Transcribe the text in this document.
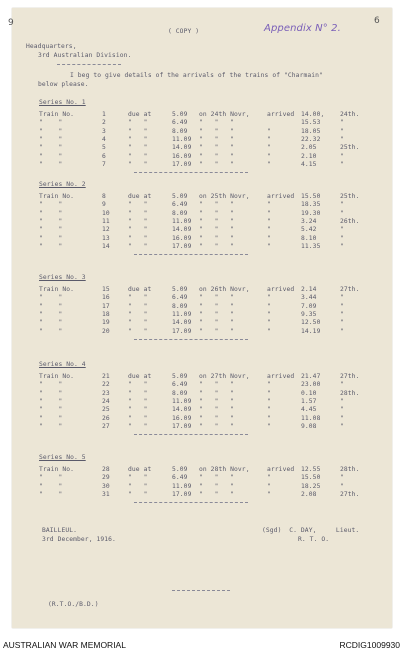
9
( COPY )	Appendix N° 2.
6
Headquarters,
3rd Australian Division.
I beg to give details of the arrivals of the trains of "Charmain"
below please.
Series No. 1
Train No.	1	due at	5.09 on 24th Novr,	arrived 14.00, 24th.
"    "	2	"   "	6.49 "   "   "	15.53	"
"    "	3	"   "	8.09 "   "   "	"	18.05	"
"    "	4	"   "	11.09 "   "   "	"	22.32	"
"    "	5	"   "	14.09 "   "   "	"	2.05	25th.
"    "	6	"   "	16.09 "   "   "	"	2.10	"
"    "	7	"   "	17.09 "   "   "	"	4.15	"
Series No. 2
Train No.	8	due at	5.09 on 25th Novr,	arrived 15.50	25th.
"    "	9	"   "	6.49 "   "   "	"	18.35	"
"    "	10	"   "	8.09 "   "   "	"	19.30	"
"    "	11	"   "	11.09 "   "   "	"	3.24	26th.
"    "	12	"   "	14.09 "   "   "	"	5.42	"
"    "	13	"   "	16.09 "   "   "	"	8.10	"
"    "	14	"   "	17.09 "   "   "	"	11.35	"
Series No. 3
Train No.	15	due at	5.09 on 26th Novr,	arrived 2.14	27th.
"    "	16	"   "	6.49 "   "   "	"	3.44	"
"    "	17	"   "	8.09 "   "   "	"	7.09	"
"    "	18	"   "	11.09 "   "   "	"	9.35	"
"    "	19	"   "	14.09 "   "   "	"	12.50	"
"    "	20	"   "	17.09 "   "   "	"	14.19	"
Series No. 4
Train No.	21	due at	5.09 on 27th Novr,	arrived 21.47	27th.
"    "	22	"   "	6.49 "   "   "	"	23.00	"
"    "	23	"   "	8.09 "   "   "	"	0.10	28th.
"    "	24	"   "	11.09 "   "   "	"	1.57	"
"    "	25	"   "	14.09 "   "   "	"	4.45	"
"    "	26	"   "	16.09 "   "   "	"	11.08	"
"    "	27	"   "	17.09 "   "   "	"	9.08	"
Series No. 5
Train No.	28	due at	5.09 on 28th Novr,	arrived 12.55	28th.
"    "	29	"   "	6.49 "   "   "	"	15.50	"
"    "	30	"   "	11.09 "   "   "	"	18.25	"
"    "	31	"   "	17.09 "   "   "	"	2.08	27th.
BAILLEUL.
3rd December, 1916.
(Sgd)  C. DAY,     Lieut.
R. T. O.
(R.T.O./B.D.)
AUSTRALIAN WAR MEMORIAL	RCDIG1009930
